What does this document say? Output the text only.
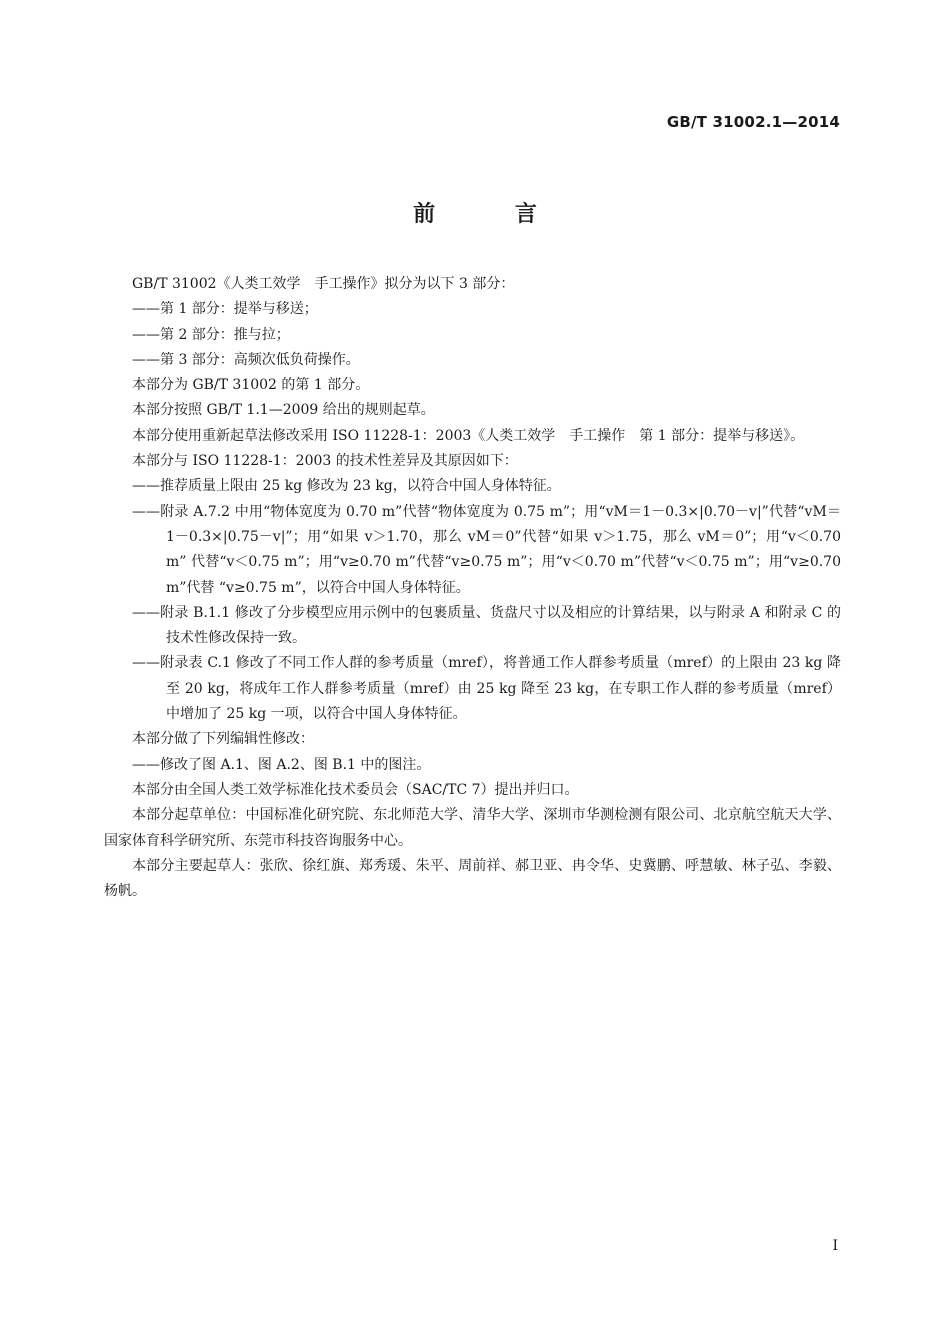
GB/T 31002.1—2014
前 言

GB/T 31002《人类工效学　手工操作》拟分为以下 3 部分：

——第 1 部分：提举与移送；

——第 2 部分：推与拉；

——第 3 部分：高频次低负荷操作。

本部分为 GB/T 31002 的第 1 部分。

本部分按照 GB/T 1.1—2009 给出的规则起草。

本部分使用重新起草法修改采用 ISO 11228-1：2003《人类工效学　手工操作　第 1 部分：提举与移送》。

本部分与 ISO 11228-1：2003 的技术性差异及其原因如下：

——推荐质量上限由 25 kg 修改为 23 kg，以符合中国人身体特征。

——附录 A.7.2 中用“物体宽度为 0.70 m”代替“物体宽度为 0.75 m”；用“vM＝1－0.3×|0.70－v|”代替“vM＝1－0.3×|0.75－v|”；用“如果 v＞1.70，那么 vM＝0”代替“如果 v＞1.75，那么 vM＝0”；用“v＜0.70 m” 代替“v＜0.75 m”；用“v≥0.70 m”代替“v≥0.75 m”；用“v＜0.70 m”代替“v＜0.75 m”；用“v≥0.70 m”代替 “v≥0.75 m”，以符合中国人身体特征。

——附录 B.1.1 修改了分步模型应用示例中的包裹质量、货盘尺寸以及相应的计算结果，以与附录 A 和附录 C 的技术性修改保持一致。

——附录表 C.1 修改了不同工作人群的参考质量（mref），将普通工作人群参考质量（mref）的上限由 23 kg 降至 20 kg，将成年工作人群参考质量（mref）由 25 kg 降至 23 kg，在专职工作人群的参考质量（mref）中增加了 25 kg 一项，以符合中国人身体特征。

本部分做了下列编辑性修改：

——修改了图 A.1、图 A.2、图 B.1 中的图注。

本部分由全国人类工效学标准化技术委员会（SAC/TC 7）提出并归口。

本部分起草单位：中国标准化研究院、东北师范大学、清华大学、深圳市华测检测有限公司、北京航空航天大学、国家体育科学研究所、东莞市科技咨询服务中心。

本部分主要起草人：张欣、徐红旗、郑秀瑗、朱平、周前祥、郝卫亚、冉令华、史冀鹏、呼慧敏、林子弘、李毅、杨帆。

I
